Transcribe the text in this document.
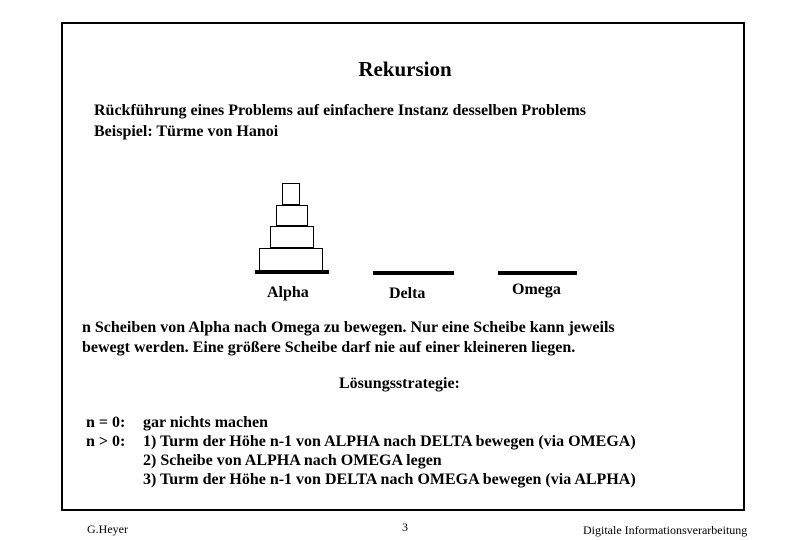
Rekursion
Rückführung eines Problems auf einfachere Instanz desselben Problems
Beispiel: Türme von Hanoi
Alpha	Delta	Omega
n Scheiben von Alpha nach Omega zu bewegen. Nur eine Scheibe kann jeweils
bewegt werden. Eine größere Scheibe darf nie auf einer kleineren liegen.
Lösungsstrategie:
n = 0:	gar nichts machen
n > 0:	1) Turm der Höhe n-1 von ALPHA nach DELTA bewegen (via OMEGA)
2) Scheibe von ALPHA nach OMEGA legen
3) Turm der Höhe n-1 von DELTA nach OMEGA bewegen (via ALPHA)
G.Heyer	3	Digitale Informationsverarbeitung
